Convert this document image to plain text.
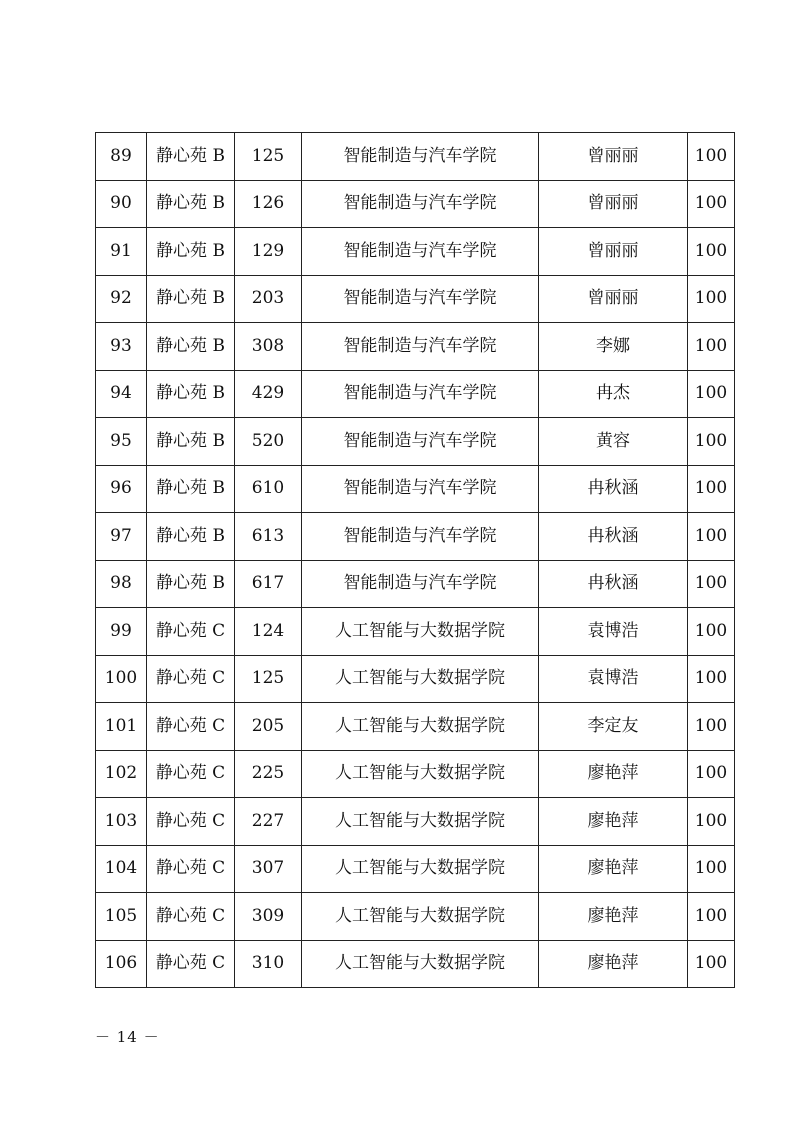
89	静心苑 B	125	智能制造与汽车学院	曾丽丽	100
90	静心苑 B	126	智能制造与汽车学院	曾丽丽	100
91	静心苑 B	129	智能制造与汽车学院	曾丽丽	100
92	静心苑 B	203	智能制造与汽车学院	曾丽丽	100
93	静心苑 B	308	智能制造与汽车学院	李娜	100
94	静心苑 B	429	智能制造与汽车学院	冉杰	100
95	静心苑 B	520	智能制造与汽车学院	黄容	100
96	静心苑 B	610	智能制造与汽车学院	冉秋涵	100
97	静心苑 B	613	智能制造与汽车学院	冉秋涵	100
98	静心苑 B	617	智能制造与汽车学院	冉秋涵	100
99	静心苑 C	124	人工智能与大数据学院	袁博浩	100
100	静心苑 C	125	人工智能与大数据学院	袁博浩	100
101	静心苑 C	205	人工智能与大数据学院	李定友	100
102	静心苑 C	225	人工智能与大数据学院	廖艳萍	100
103	静心苑 C	227	人工智能与大数据学院	廖艳萍	100
104	静心苑 C	307	人工智能与大数据学院	廖艳萍	100
105	静心苑 C	309	人工智能与大数据学院	廖艳萍	100
106	静心苑 C	310	人工智能与大数据学院	廖艳萍	100
－ 14 －
